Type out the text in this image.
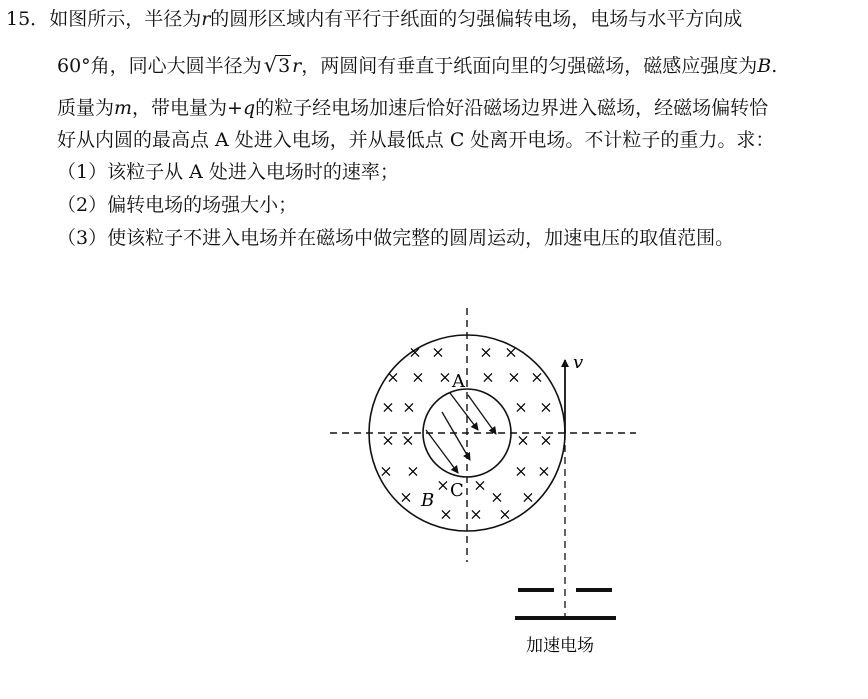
15．如图所示，半径为r的圆形区域内有平行于纸面的匀强偏转电场，电场与水平方向成
60°角，同心大圆半径为√3 r，两圆间有垂直于纸面向里的匀强磁场，磁感应强度为B.
质量为m，带电量为+q的粒子经电场加速后恰好沿磁场边界进入磁场，经磁场偏转恰
好从内圆的最高点 A 处进入电场，并从最低点 C 处离开电场。不计粒子的重力。求：
（1）该粒子从 A 处进入电场时的速率；
（2）偏转电场的场强大小；
（3）使该粒子不进入电场并在磁场中做完整的圆周运动，加速电压的取值范围。
× × × ×
× × × × × ×
× ×	× ×
× ×	× ×
× ×	× ×
×
× ×
× ×
× × ×
A
C
B
v
加速电场
